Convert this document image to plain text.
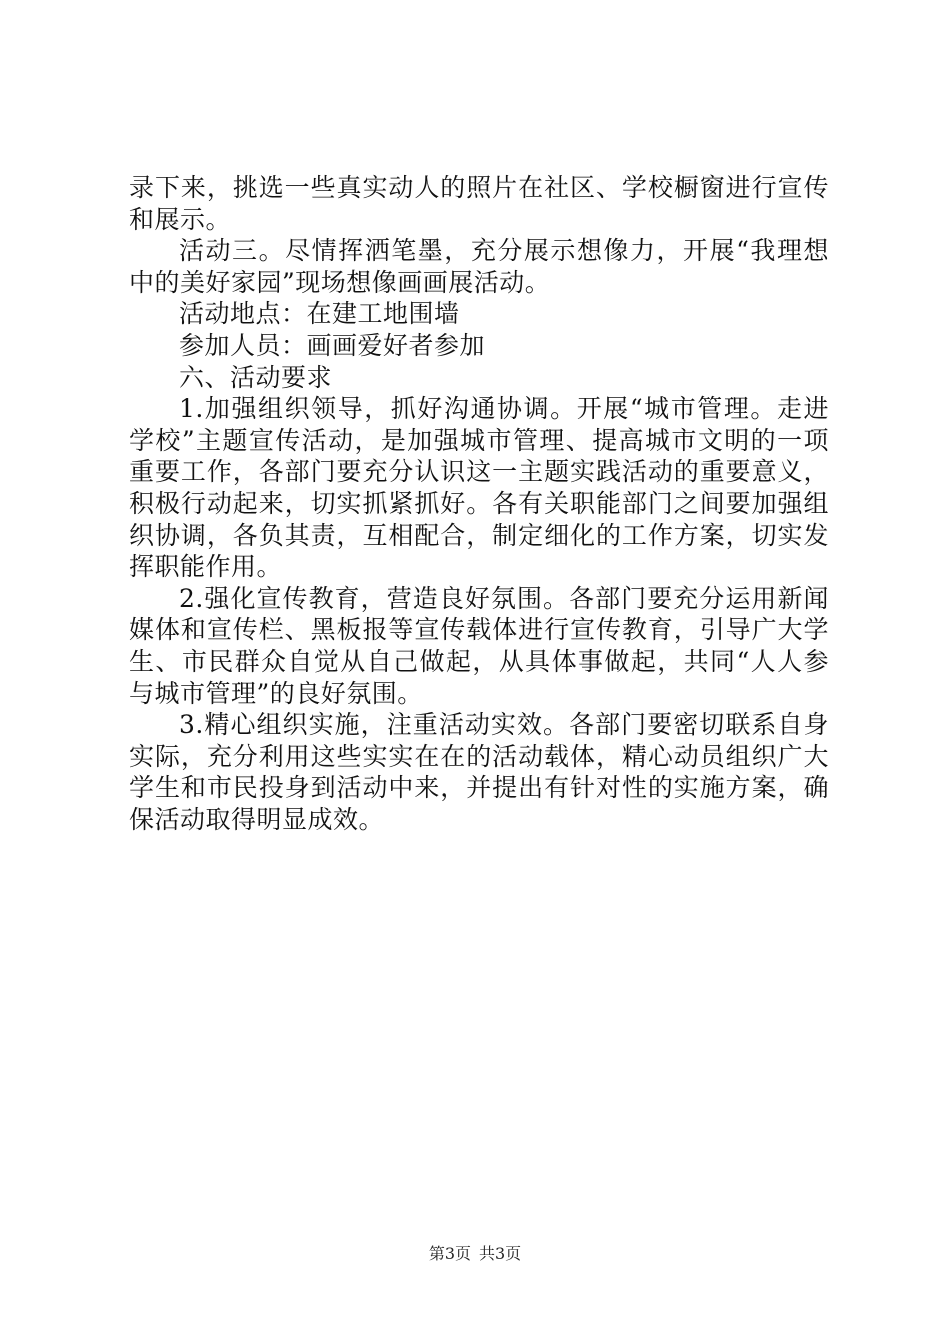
录下来，挑选一些真实动人的照片在社区、学校橱窗进行宣传和展示。

活动三。尽情挥洒笔墨，充分展示想像力，开展“我理想中的美好家园”现场想像画画展活动。

活动地点：在建工地围墙

参加人员：画画爱好者参加

六、活动要求

1.加强组织领导，抓好沟通协调。开展“城市管理。走进学校”主题宣传活动，是加强城市管理、提高城市文明的一项重要工作，各部门要充分认识这一主题实践活动的重要意义，积极行动起来，切实抓紧抓好。各有关职能部门之间要加强组织协调，各负其责，互相配合，制定细化的工作方案，切实发挥职能作用。

2.强化宣传教育，营造良好氛围。各部门要充分运用新闻媒体和宣传栏、黑板报等宣传载体进行宣传教育，引导广大学生、市民群众自觉从自己做起，从具体事做起，共同“人人参与城市管理”的良好氛围。

3.精心组织实施，注重活动实效。各部门要密切联系自身实际，充分利用这些实实在在的活动载体，精心动员组织广大学生和市民投身到活动中来，并提出有针对性的实施方案，确保活动取得明显成效。

第3页 共3页
